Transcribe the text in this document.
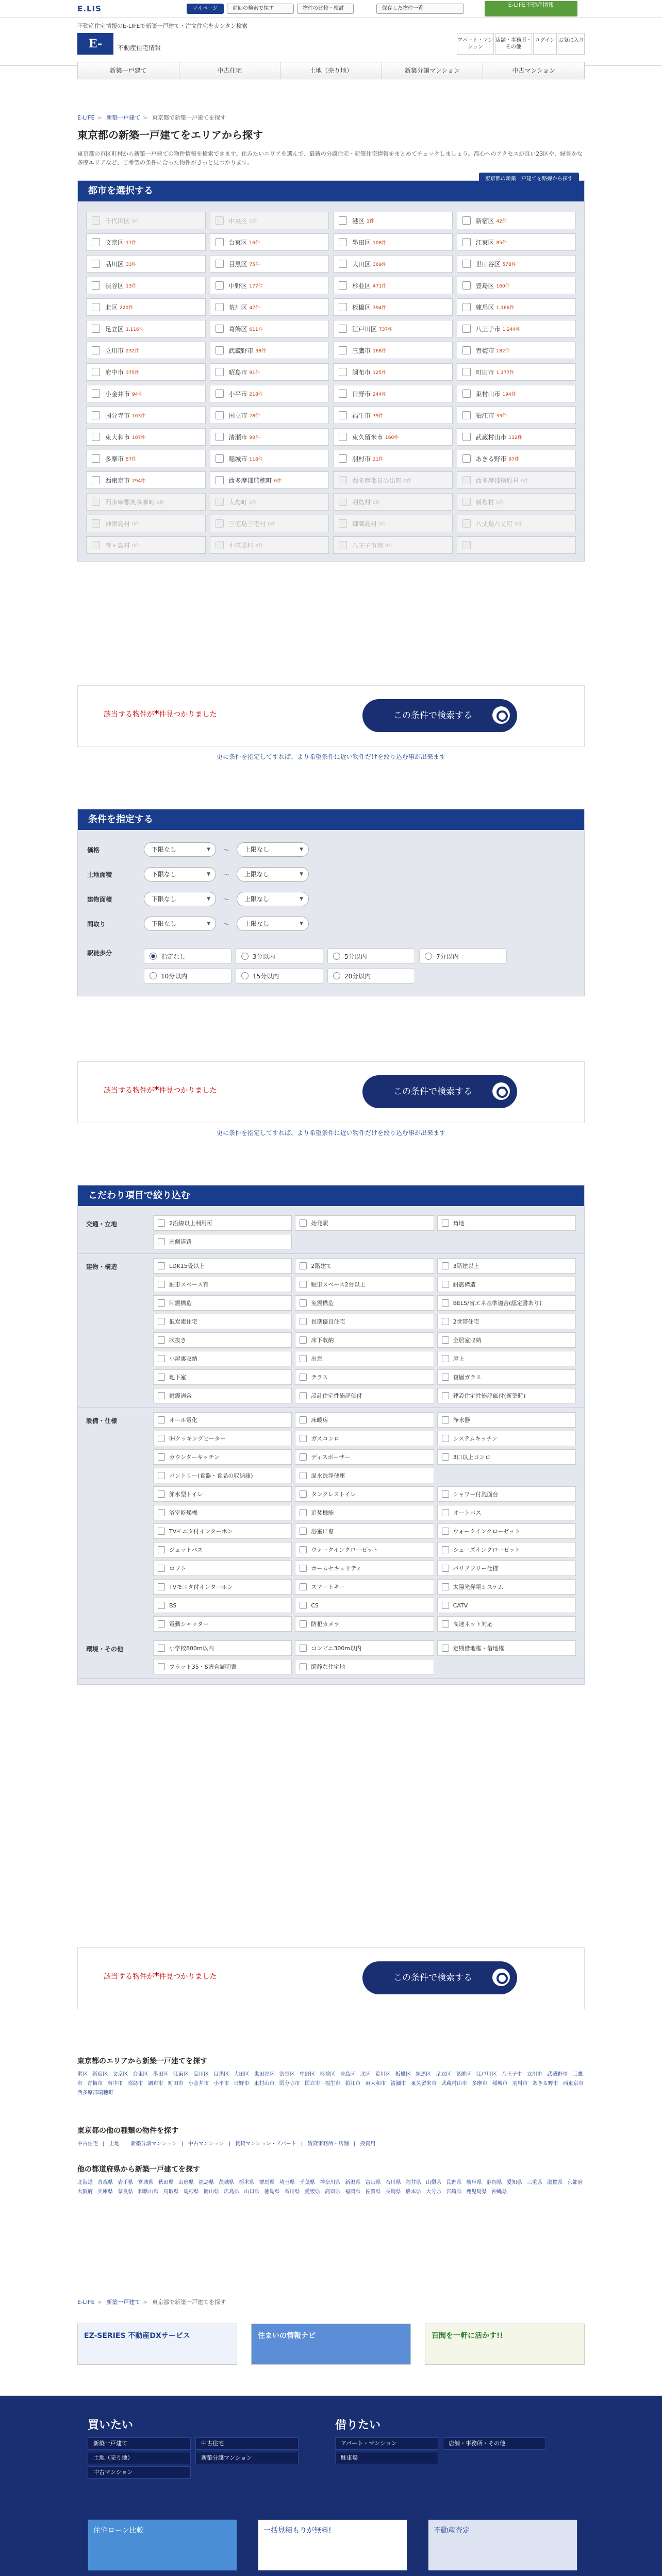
E.LIS	マイページ	前回の検索で探す	物件の比較・検討	保存した物件一覧
E-LIFE不動産情報
不動産住宅情報のE-LIFEで新築一戸建て・注文住宅をカンタン検索
E-	不動産住宅情報
アパート・マンション
店舗・事務所・その他
ログイン お気に入り
新築一戸建て	中古住宅	土地（売り地）	新築分譲マンション	中古マンション
E-LIFE > 新築一戸建て > 東京都で新築一戸建てを探す
東京都の新築一戸建てをエリアから探す

東京都の市区町村から新築一戸建ての物件情報を検索できます。住みたいエリアを選んで、最新の分譲住宅・新築住宅情報をまとめてチェックしましょう。都心へのアクセスが良い23区や、緑豊かな多摩エリアなど、ご希望の条件に合った物件がきっと見つかります。

都市を選択する
東京都の新築一戸建てを路線から探す
千代田区 0件	中央区 0件	港区 1件	新宿区 42件
文京区 17件	台東区 16件	墨田区 108件	江東区 85件
品川区 33件	目黒区 75件	大田区 369件	世田谷区 578件
渋谷区 13件	中野区 177件	杉並区 471件	豊島区 160件
北区 220件	荒川区 47件	板橋区 394件	練馬区 1,166件
足立区 1,116件	葛飾区 611件	江戸川区 737件	八王子市 1,244件
立川市 232件	武蔵野市 38件	三鷹市 168件	青梅市 182件
府中市 375件	昭島市 91件	調布市 325件	町田市 1,177件
小金井市 94件	小平市 218件	日野市 244件	東村山市 194件
国分寺市 163件	国立市 78件	福生市 39件	狛江市 33件
東大和市 107件	清瀬市 90件	東久留米市 160件	武蔵村山市 112件
多摩市 57件	稲城市 118件	羽村市 21件	あきる野市 97件
西東京市 294件	西多摩郡瑞穂町 6件	西多摩郡日の出町 0件	西多摩郡檜原村 0件
西多摩郡奥多摩町 0件	大島町 0件	利島村 0件	新島村 0件
神津島村 0件	三宅島三宅村 0件	御蔵島村 0件	八丈島八丈町 0件
青ヶ島村 0件	小笠原村 0件	八王子市南 0件
該当する物件が*件見つかりました	この条件で検索する

更に条件を指定してすれば、より希望条件に近い物件だけを絞り込む事が出来ます

条件を指定する
価格	下限なし ▼	〜	上限なし ▼
土地面積	下限なし ▼	〜	上限なし ▼
建物面積	下限なし ▼	〜	上限なし ▼
間取り	下限なし ▼	〜	上限なし ▼
駅徒歩分	指定なし	3分以内	5分以内	7分以内
10分以内	15分以内	20分以内
該当する物件が*件見つかりました	この条件で検索する

更に条件を指定してすれば、より希望条件に近い物件だけを絞り込む事が出来ます

こだわり項目で絞り込む
交通・立地	2沿線以上利用可	始発駅	角地
南側道路
建物・構造	LDK15畳以上	2階建て	3階建以上
駐車スペース有	駐車スペース2台以上	耐震構造
制震構造	免震構造	BELS/省エネ基準適合(認定書あり)
低炭素住宅	長期優良住宅	2世帯住宅
吹抜き	床下収納	全居室収納
小屋裏収納	出窓	屋上
地下室	テラス	複層ガラス
耐震適合	設計住宅性能評価付	建設住宅性能評価付(新築時)
設備・仕様	オール電化	床暖房	浄水器
IHクッキングヒーター	ガスコンロ	システムキッチン
カウンターキッチン	ディスポーザー	3口以上コンロ
パントリー(食器・食品の収納庫)	温水洗浄便座
節水型トイレ	タンクレストイレ	シャワー付洗面台
浴室乾燥機	追焚機能	オートバス
TVモニタ付インターホン	浴室に窓	ウォークインクローゼット
ジェットバス	ウォークインクローゼット	シューズインクローゼット
ロフト	ホームセキュリティ	バリアフリー仕様
TVモニタ付インターホン	スマートキー	太陽光発電システム
BS	CS	CATV
電動シャッター	防犯カメラ	高速ネット対応
環境・その他	小学校800m以内	コンビニ300m以内	定期借地権・借地権
フラット35・S適合証明書	閑静な住宅地
該当する物件が*件見つかりました	この条件で検索する
東京都のエリアから新築一戸建てを探す

港区 新宿区 文京区 台東区 墨田区 江東区 品川区 目黒区 大田区 世田谷区 渋谷区 中野区 杉並区 豊島区 北区 荒川区 板橋区 練馬区 足立区 葛飾区 江戸川区 八王子市 立川市 武蔵野市 三鷹市 青梅市 府中市 昭島市 調布市 町田市 小金井市 小平市 日野市 東村山市 国分寺市 国立市 福生市 狛江市 東大和市 清瀬市 東久留米市 武蔵村山市 多摩市 稲城市 羽村市 あきる野市 西東京市 西多摩郡瑞穂町

東京都の他の種類の物件を探す

中古住宅 | 土地 | 新築分譲マンション | 中古マンション | 賃貸マンション・アパート | 賃貸事務所・店舗 | 投資用

他の都道府県から新築一戸建てを探す

北海道 青森県 岩手県 宮城県 秋田県 山形県 福島県 茨城県 栃木県 群馬県 埼玉県 千葉県 神奈川県 新潟県 富山県 石川県 福井県 山梨県 長野県 岐阜県 静岡県 愛知県 三重県 滋賀県 京都府 大阪府 兵庫県 奈良県 和歌山県 鳥取県 島根県 岡山県 広島県 山口県 徳島県 香川県 愛媛県 高知県 福岡県 佐賀県 長崎県 熊本県 大分県 宮崎県 鹿児島県 沖縄県

E-LIFE > 新築一戸建て > 東京都で新築一戸建てを探す
EZ-SERIES 不動産DXサービス	住まいの情報ナビ	百聞を一軒に活かす!!
買いたい
新築一戸建て	中古住宅 土地（売り地）	新築分譲マンション 中古マンション
借りたい
アパート・マンション	店舗・事務所・その他 駐車場
住宅ローン比較	一括見積もりが無料!	不動産査定
